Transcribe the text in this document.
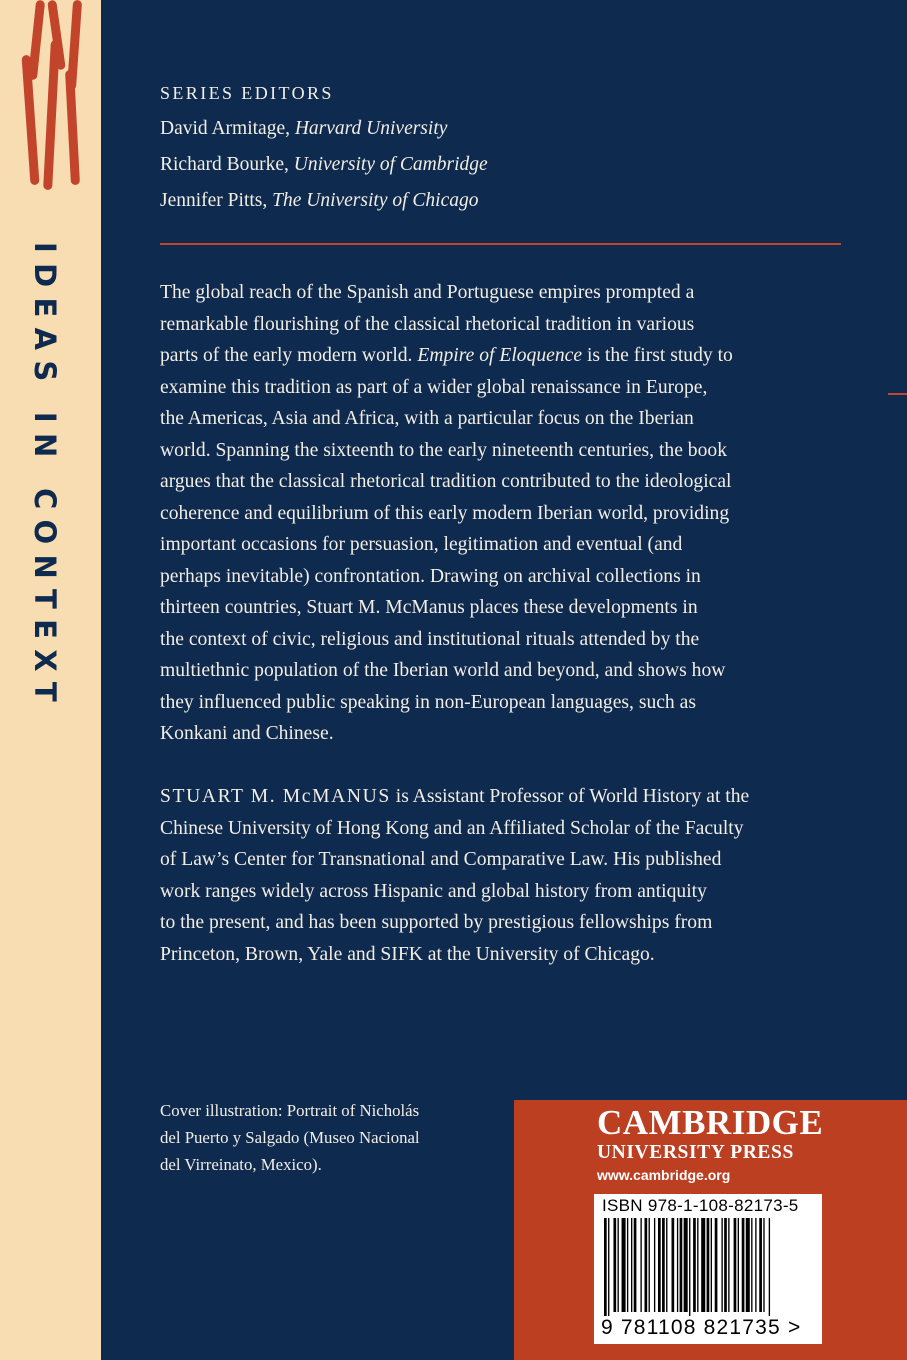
IDEAS IN CONTEXT
SERIES EDITORS
David Armitage, Harvard University
Richard Bourke, University of Cambridge
Jennifer Pitts, The University of Chicago
The global reach of the Spanish and Portuguese empires prompted a
remarkable flourishing of the classical rhetorical tradition in various
parts of the early modern world. Empire of Eloquence is the first study to
examine this tradition as part of a wider global renaissance in Europe,
the Americas, Asia and Africa, with a particular focus on the Iberian
world. Spanning the sixteenth to the early nineteenth centuries, the book
argues that the classical rhetorical tradition contributed to the ideological
coherence and equilibrium of this early modern Iberian world, providing
important occasions for persuasion, legitimation and eventual (and
perhaps inevitable) confrontation. Drawing on archival collections in
thirteen countries, Stuart M. McManus places these developments in
the context of civic, religious and institutional rituals attended by the
multiethnic population of the Iberian world and beyond, and shows how
they influenced public speaking in non-European languages, such as
Konkani and Chinese.
STUART M. McMANUS is Assistant Professor of World History at the
Chinese University of Hong Kong and an Affiliated Scholar of the Faculty
of Law’s Center for Transnational and Comparative Law. His published
work ranges widely across Hispanic and global history from antiquity
to the present, and has been supported by prestigious fellowships from
Princeton, Brown, Yale and SIFK at the University of Chicago.
Cover illustration: Portrait of Nicholás
del Puerto y Salgado (Museo Nacional
del Virreinato, Mexico).
CAMBRIDGE
UNIVERSITY PRESS
www.cambridge.org
ISBN 978-1-108-82173-5
9 781108 821735 >
